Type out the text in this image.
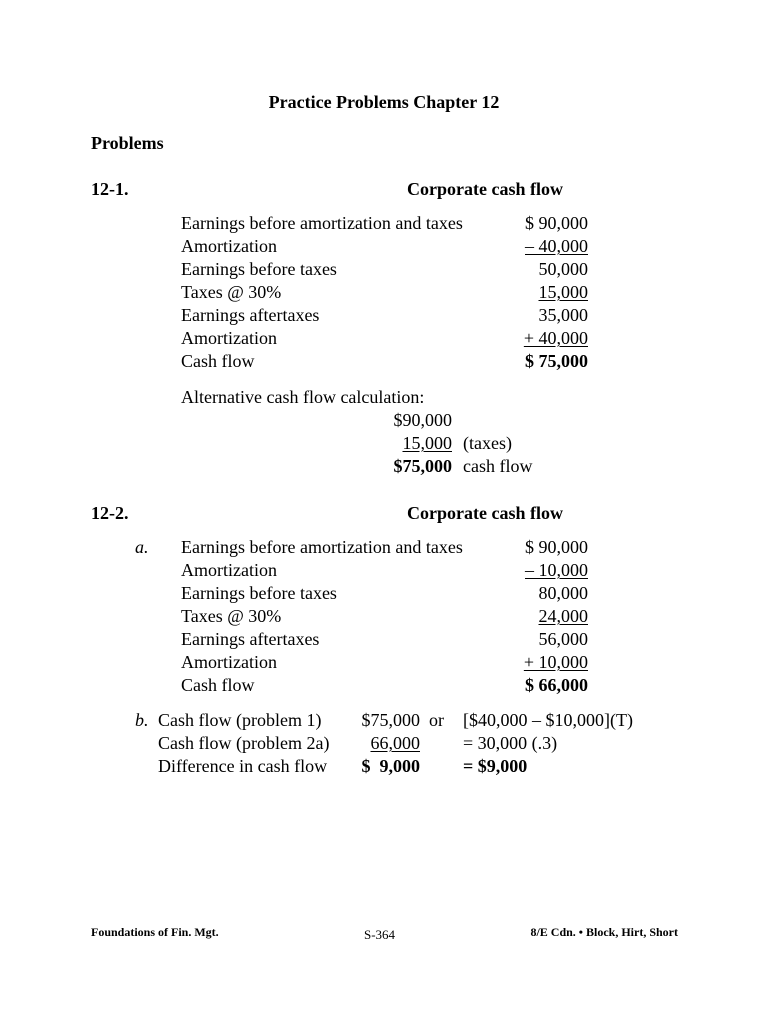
Practice Problems Chapter 12
Problems
12-1.	Corporate cash flow
Earnings before amortization and taxes	$ 90,000
Amortization	– 40,000
Earnings before taxes	50,000
Taxes @ 30%	15,000
Earnings aftertaxes	35,000
Amortization	+ 40,000
Cash flow	$ 75,000
Alternative cash flow calculation:
$90,000
15,000 (taxes)
$75,000 cash flow
12-2.	Corporate cash flow
a. Earnings before amortization and taxes	$ 90,000
Amortization	– 10,000
Earnings before taxes	80,000
Taxes @ 30%	24,000
Earnings aftertaxes	56,000
Amortization	+ 10,000
Cash flow	$ 66,000
b. Cash flow (problem 1)	$75,000 or [$40,000 – $10,000](T)
Cash flow (problem 2a)	66,000 = 30,000 (.3)
Difference in cash flow	$  9,000 = $9,000
Foundations of Fin. Mgt.	S-364	8/E Cdn. • Block, Hirt, Short
